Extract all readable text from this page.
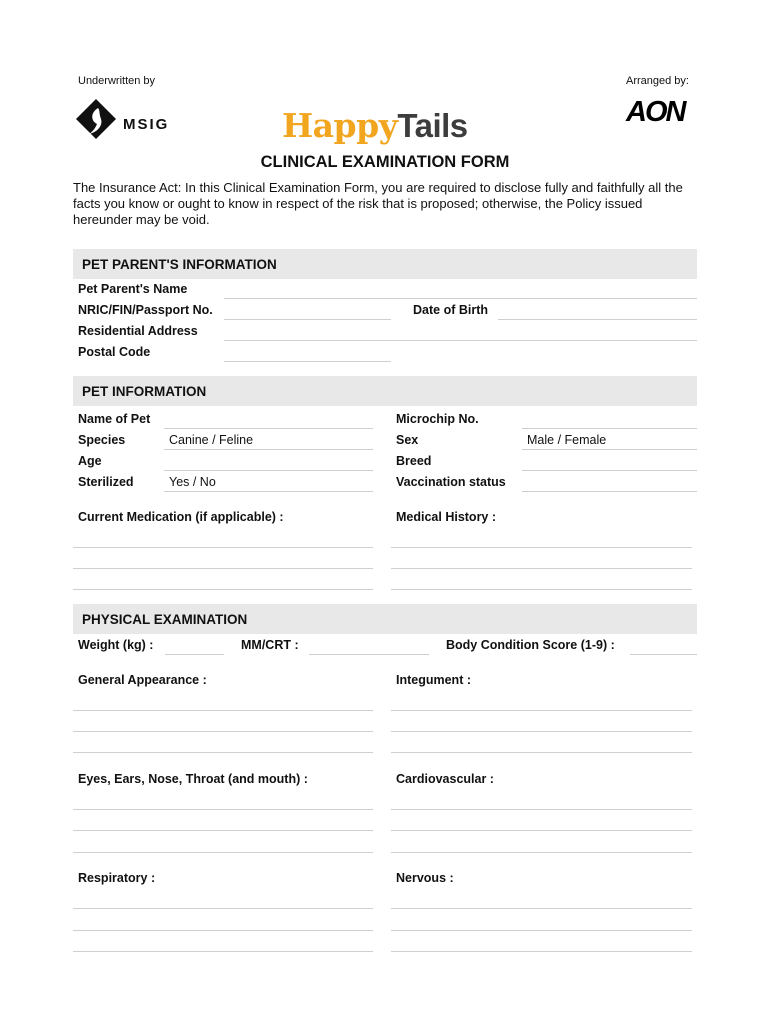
Underwritten by	Arranged by:
MSIG	HappyTails	AON
CLINICAL EXAMINATION FORM
The Insurance Act: In this Clinical Examination Form, you are required to disclose fully and faithfully all the facts you know or ought to know in respect of the risk that is proposed; otherwise, the Policy issued hereunder may be void.
PET PARENT'S INFORMATION
Pet Parent's Name
NRIC/FIN/Passport No.	Date of Birth
Residential Address
Postal Code
PET INFORMATION
Name of Pet	Microchip No.
Species	Canine / Feline	Sex	Male / Female
Age	Breed
Sterilized	Yes / No	Vaccination status
Current Medication (if applicable) :	Medical History :
PHYSICAL EXAMINATION
Weight (kg) :	MM/CRT :	Body Condition Score (1-9) :
General Appearance :	Integument :
Eyes, Ears, Nose, Throat (and mouth) :	Cardiovascular :
Respiratory :	Nervous :
